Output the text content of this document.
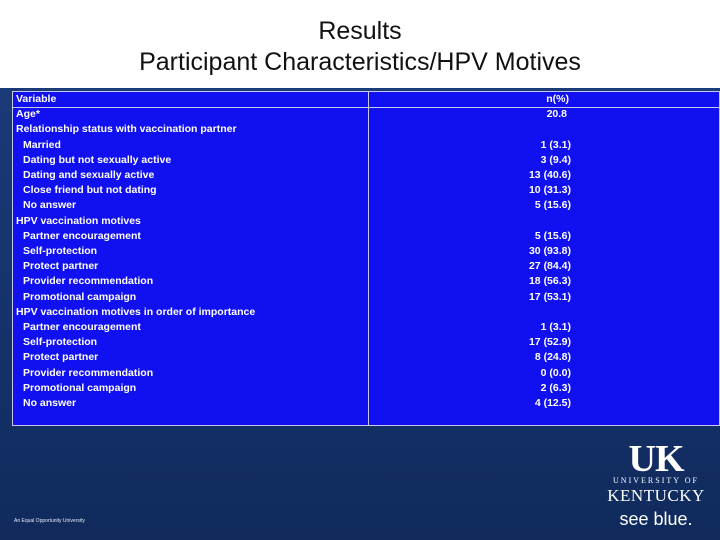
Results
Participant Characteristics/HPV Motives
Variable	n(%)
Age*	20.8
Relationship status with vaccination partner
Married	1 (3.1)
Dating but not sexually active	3 (9.4)
Dating and sexually active	13 (40.6)
Close friend but not dating	10 (31.3)
No answer	5 (15.6)
HPV vaccination motives
Partner encouragement	5 (15.6)
Self-protection	30 (93.8)
Protect partner	27 (84.4)
Provider recommendation	18 (56.3)
Promotional campaign	17 (53.1)
HPV vaccination motives in order of importance
Partner encouragement	1 (3.1)
Self-protection	17 (52.9)
Protect partner	8 (24.8)
Provider recommendation	0 (0.0)
Promotional campaign	2 (6.3)
No answer	4 (12.5)
An Equal Opportunity University
UK
UNIVERSITY OF
KENTUCKY
see blue.
